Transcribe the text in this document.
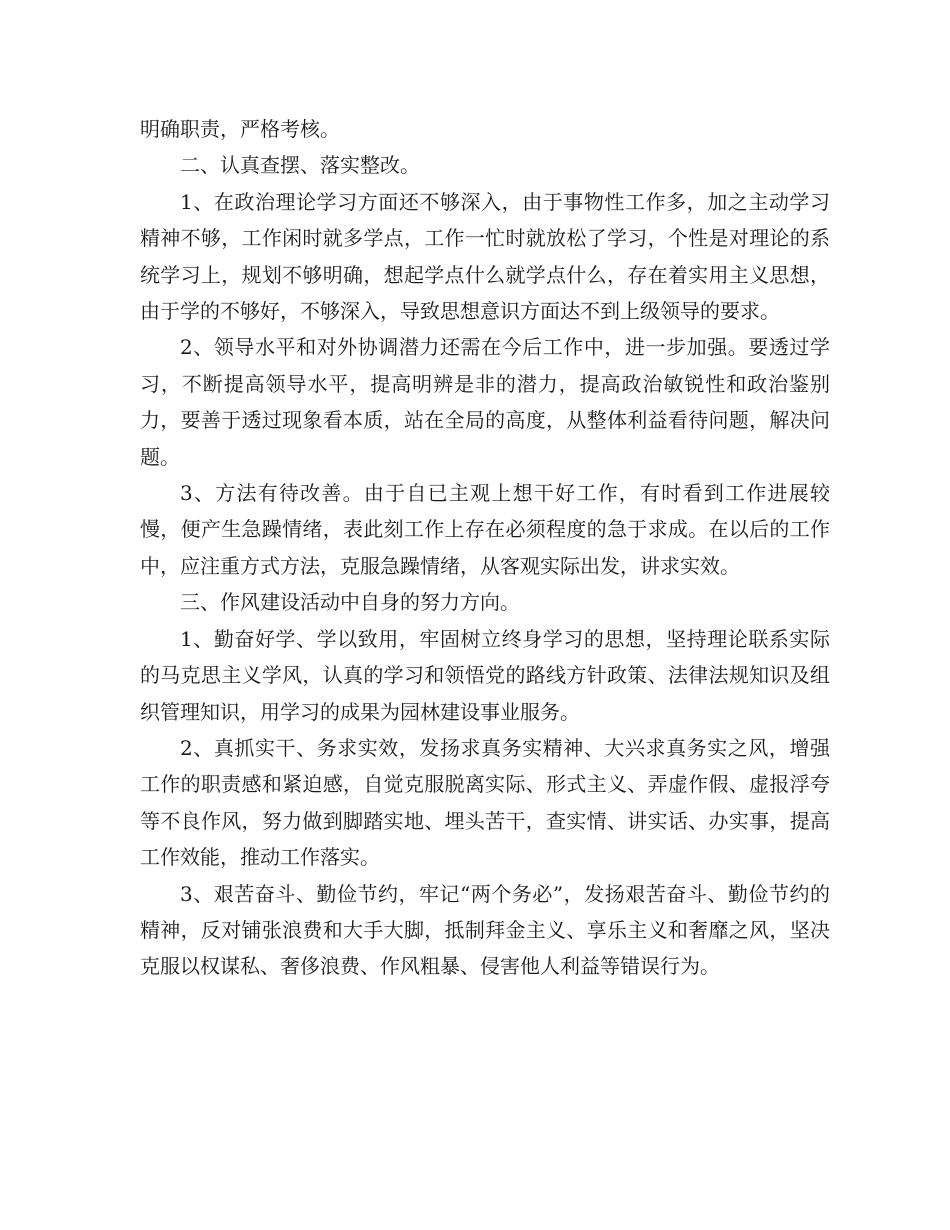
明确职责，严格考核。

二、认真查摆、落实整改。

1、在政治理论学习方面还不够深入，由于事物性工作多，加之主动学习精神不够，工作闲时就多学点，工作一忙时就放松了学习，个性是对理论的系统学习上，规划不够明确，想起学点什么就学点什么，存在着实用主义思想，由于学的不够好，不够深入，导致思想意识方面达不到上级领导的要求。

2、领导水平和对外协调潜力还需在今后工作中，进一步加强。要透过学习，不断提高领导水平，提高明辨是非的潜力，提高政治敏锐性和政治鉴别力，要善于透过现象看本质，站在全局的高度，从整体利益看待问题，解决问题。

3、方法有待改善。由于自已主观上想干好工作，有时看到工作进展较慢，便产生急躁情绪，表此刻工作上存在必须程度的急于求成。在以后的工作中，应注重方式方法，克服急躁情绪，从客观实际出发，讲求实效。

三、作风建设活动中自身的努力方向。

1、勤奋好学、学以致用，牢固树立终身学习的思想，坚持理论联系实际的马克思主义学风，认真的学习和领悟党的路线方针政策、法律法规知识及组织管理知识，用学习的成果为园林建设事业服务。

2、真抓实干、务求实效，发扬求真务实精神、大兴求真务实之风，增强工作的职责感和紧迫感，自觉克服脱离实际、形式主义、弄虚作假、虚报浮夸等不良作风，努力做到脚踏实地、埋头苦干，查实情、讲实话、办实事，提高工作效能，推动工作落实。

3、艰苦奋斗、勤俭节约，牢记“两个务必”，发扬艰苦奋斗、勤俭节约的精神，反对铺张浪费和大手大脚，抵制拜金主义、享乐主义和奢靡之风，坚决克服以权谋私、奢侈浪费、作风粗暴、侵害他人利益等错误行为。
